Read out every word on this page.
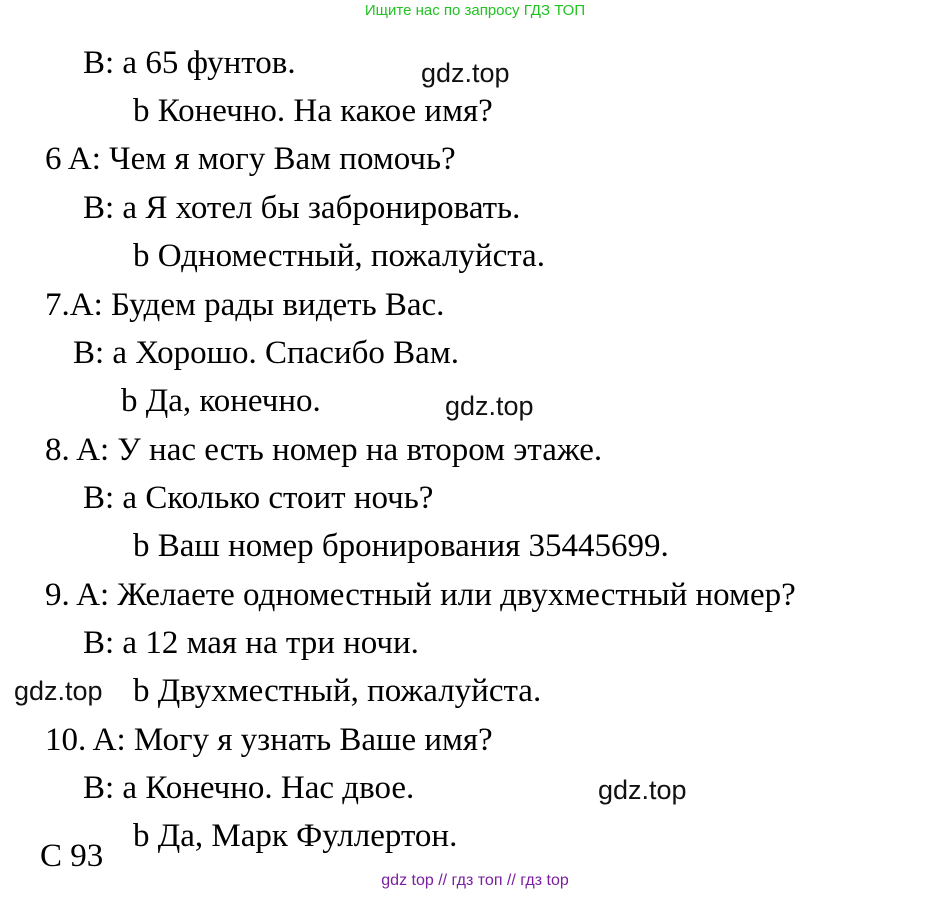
Ищите нас по запросу ГДЗ ТОП
B: a 65 фунтов.
b Конечно. На какое имя?
6 A: Чем я могу Вам помочь?
B: a Я хотел бы забронировать.
b Одноместный, пожалуйста.
7.A: Будем рады видеть Вас.
B: a Хорошо. Спасибо Вам.
b Да, конечно.
8. A: У нас есть номер на втором этаже.
B: a Сколько стоит ночь?
b Ваш номер бронирования 35445699.
9. A: Желаете одноместный или двухместный номер?
B: a 12 мая на три ночи.
b Двухместный, пожалуйста.
10. A: Могу я узнать Ваше имя?
B: a Конечно. Нас двое.
b Да, Марк Фуллертон.
C 93
gdz.top
gdz.top
gdz.top
gdz.top
gdz top // гдз топ // гдз top
